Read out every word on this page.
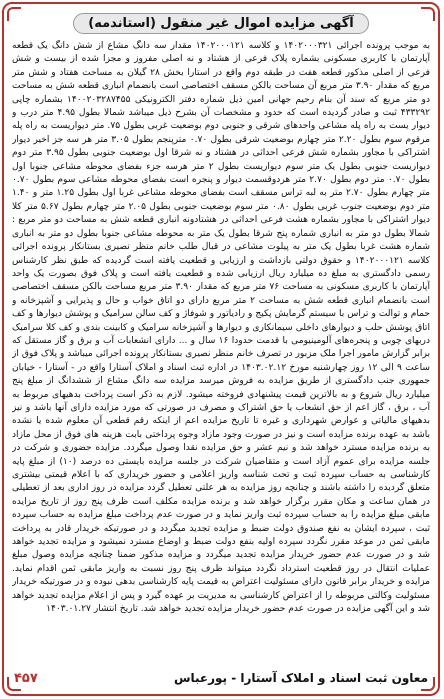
آگهی مزایده اموال غیر منقول (استاندمه)

به موجب پرونده اجرائی ۱۴۰۲۰۰۰۳۲۱ و کلاسه ۱۴۰۲۰۰۰۱۲۱ مقدار سه دانگ مشاع از شش دانگ یک قطعه آپارتمان با کاربری مسکونی بشماره پلاک فرعی از هشتاد و نه اصلی مفروز و مجزا شده از بیست و شش فرعی از اصلی مذکور قطعه هفت در طبقه دوم واقع در استارا بخش ۲۸ گیلان به مساحت هفتاد و شش متر مربع که مقدار ۳.۹۰ متر مربع آن مساحت بالکن مسقف اختصاصی است بانضمام انباری قطعه شش به مساحت دو متر مربع که سند آن بنام رحیم جهانی امین ذیل شماره دفتر الکترونیکی ۱۴۰۰۲۰۳۲۸۷۴۵۵ بشماره چاپی ۴۳۳۲۹۲ ثبت و صادر گردیده است که حدود و مشخصات آن بشرح ذیل میباشد شمالا بطول ۴.۹۵ متر درب و دیوار یست به راه پله مشاعی واحدهای شرقی و جنوبی دوم بوضعیت غربی بطول ۷۵. متر دیواریست به راه پله مرقوم سوم بطول ۲.۲۰ متر چهارم بوضعیت شرقی بطول ۰.۷۰ مترپنجم بطول ۳.۰۵ متر هر سه جز اخیر دیوار اشتراکی با مجاور بشماره شش فرعی احداثی در هشتاد و نه شرقا اول بوضعیت جنوبی بطول ۳.۹۵ متر دوم دیواریست جنوبی بطول یک متر سوم دیواریست بطول ۲ متر هرسه جزء بفضای محوطه مشاعی جنوبا اول بطول ۰.۷۰ متر دوم بطول ۲.۷۰ متر هردوقسمت دیوار و پنجره است بفضای محوطه مشاعی سوم بطول ۰.۷۰ متر چهارم بطول ۲.۷۰ متر به لبه تراس مسقف است بفضای محوطه مشاعی غربا اول بطول ۱.۲۵ متر و ۱.۴۰ متر دوم بوضعیت جنوب غربی بطول ۰.۸۰ متر سوم بوضعیت جنوبی بطول ۲.۰۵ متر چهارم بطول ۵.۶۷ متر کلا دیوار اشتراکی با مجاور بشماره هشت فرعی احداثی در هشتادونه انباری قطعه شش به مساحت دو متر مربع : شمالا بطول دو متر به انباری شماره پنج شرقا بطول یک متر به محوطه مشاعی جنوبا بطول دو متر به انباری شماره هشت غربا بطول یک متر به پیلوت مشاعی در قبال طلب خانم منظر نصیری بستانکار پرونده اجرائی کلاسه ۱۴۰۲۰۰۰۱۲۱ و حقوق دولتی بازداشت و ارزیابی و قطعیت یافته است گردیده که طبق نظر کارشناس رسمی دادگستری به مبلغ ده میلیارد ریال ارزیابی شده و قطعیت یافته است و پلاک فوق بصورت یک واحد آپارتمان با کاربری مسکونی به مساحت ۷۶ متر مربع که مقدار ۳.۹۰ متر مربع مساحت بالکن مسقف اختصاصی است بانضمام انباری قطعه شش به مساحت ۲ متر مربع دارای دو اتاق خواب و حال و پذیرایی و آشپزخانه و حمام و توالت و تراس با سیستم گرمایش پکیج و رادیاتور و شوفاژ و کف سالن سرامیک و پوشش دیوارها و کف اتاق پوشش حلب و دیوارهای داخلی سیمانکاری و دیوارها و آشپزخانه سرامیک و کابینت بندی و کف کلا سرامیک دربهای چوبی و پنجره‌های آلومینیومی با قدمت حدودا ۱۶ سال و ... دارای انشعابات آب و برق و گاز مستقل که برابر گزارش مامور اجرا ملک مزبور در تصرف خانم منظر نصیری بستانکار پرونده اجرائی میباشد و پلاک فوق از ساعت ۹ الی ۱۲ روز چهارشنبه مورخ ۱۴۰۳.۰۲.۱۲ در اداره ثبت اسناد و املاک آستارا واقع در - آستارا - خیابان جمهوری جنب دادگستری از طریق مزایده به فروش میرسد مزایده سه دانگ مشاع از ششدانگ از مبلغ پنج میلیارد ریال شروع و به بالاترین قیمت پیشنهادی فروخته میشود. لازم به ذکر است پرداخت بدهیهای مربوط به آب ، برق ، گاز اعم از حق انشعاب یا حق اشتراک و مصرف در صورتی که مورد مزایده دارای آنها باشد و نیز بدهیهای مالیاتی و عوارض شهرداری و غیره تا تاریخ مزایده اعم از اینکه رقم قطعی آن معلوم شده یا نشده باشد به عهده برنده مزایده است و نیز در صورت وجود مازاد وجوه پرداختی بابت هزینه های فوق از محل مازاد به برنده مزایده مسترد خواهد شد و نیم عشر و حق مزایده نقدا وصول میگردد. مزایده حضوری و شرکت در جلسه مزایده برای عموم آزاد است و متقاضیان شرکت در جلسه مزایده بایستی ده درصد (۱۰) از مبلغ پایه کارشناسی به حساب سپرده ثبت و تحت شناسه واریز اعلامی و حضور خریداری که با اعلام قیمتی بیشتری متعلق گردیده را داشته باشند و چنانچه روز مزایده به هر علتی تعطیل گردد مزایده در روز اداری بعد از تعطیلی در همان ساعت و مکان مقرر برگزار خواهد شد و برنده مزایده مکلف است ظرف پنج روز از تاریخ مزایده مابقی مبلغ مزایده را به حساب سپرده ثبت واریز نماید و در صورت عدم پرداخت مبلغ مزایده به حساب سپرده ثبت ، سپرده ایشان به نفع صندوق دولت ضبط و مزایده تجدید میگردد و در صورتیکه خریدار قادر به پرداخت مابقی ثمن در موعد مقرر نگردد سپرده اولیه بنفع دولت ضبط و اوضاع مسترد نمیشود و مزایده تجدید خواهد شد و در صورت عدم حضور خریدار مزایده تجدید میگردد و مزایده مذکور ضمنا چنانچه مزایده وصول مبلغ عملیات انتقال در روز قطعیت استرداد نگردد میتواند ظرف پنج روز نسبت به واریز مابقی ثمن اقدام نماید. مزایده و خریدار برابر قانون دارای مسئولیت اعتراض به قیمت پایه کارشناسی بدهی نبوده و در صورتیکه خریدار مسئولیت وکالتی مربوطه را از اعتراض کارشناسی به مدیریت بر عهده گیرد و پس از اعلام مزایده تجدید خواهد شد و این آگهی مزایده در صورت عدم حضور خریدار مزایده تجدید خواهد شد. تاریخ انتشار ۱۴۰۳.۰۱.۲۷

معاون ثبت اسناد و املاک آستارا - پورعباس
۴۵۷
